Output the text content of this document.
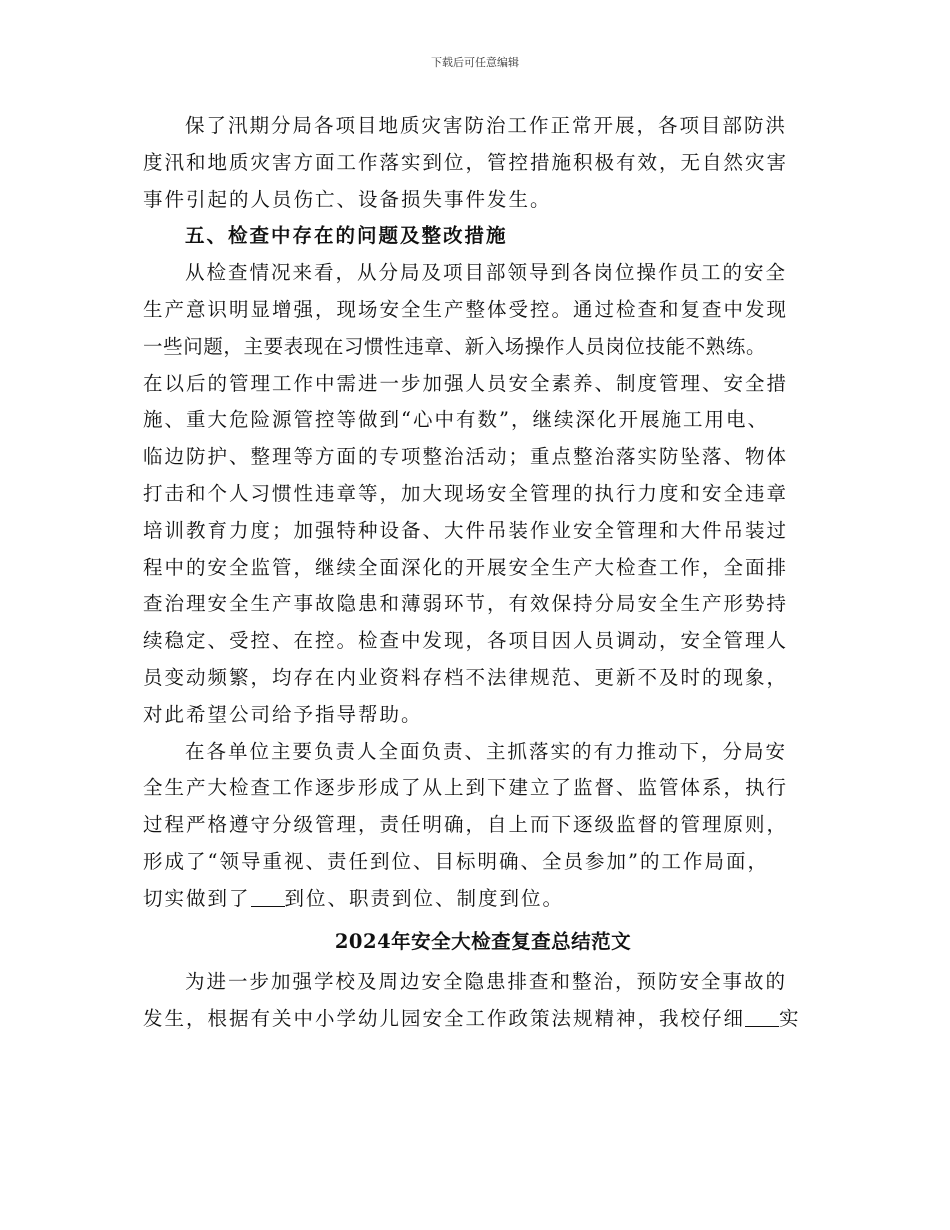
下载后可任意编辑
保了汛期分局各项目地质灾害防治工作正常开展，各项目部防洪
度汛和地质灾害方面工作落实到位，管控措施积极有效，无自然灾害
事件引起的人员伤亡、设备损失事件发生。
五、检查中存在的问题及整改措施
从检查情况来看，从分局及项目部领导到各岗位操作员工的安全
生产意识明显增强，现场安全生产整体受控。通过检查和复查中发现
一些问题，主要表现在习惯性违章、新入场操作人员岗位技能不熟练。
在以后的管理工作中需进一步加强人员安全素养、制度管理、安全措
施、重大危险源管控等做到“心中有数”，继续深化开展施工用电、
临边防护、整理等方面的专项整治活动；重点整治落实防坠落、物体
打击和个人习惯性违章等，加大现场安全管理的执行力度和安全违章
培训教育力度；加强特种设备、大件吊装作业安全管理和大件吊装过
程中的安全监管，继续全面深化的开展安全生产大检查工作，全面排
查治理安全生产事故隐患和薄弱环节，有效保持分局安全生产形势持
续稳定、受控、在控。检查中发现，各项目因人员调动，安全管理人
员变动频繁，均存在内业资料存档不法律规范、更新不及时的现象，
对此希望公司给予指导帮助。
在各单位主要负责人全面负责、主抓落实的有力推动下，分局安
全生产大检查工作逐步形成了从上到下建立了监督、监管体系，执行
过程严格遵守分级管理，责任明确，自上而下逐级监督的管理原则，
形成了“领导重视、责任到位、目标明确、全员参加”的工作局面，
切实做到了 到位、职责到位、制度到位。
2024年安全大检查复查总结范文
为进一步加强学校及周边安全隐患排查和整治，预防安全事故的
发生，根据有关中小学幼儿园安全工作政策法规精神，我校仔细 实
